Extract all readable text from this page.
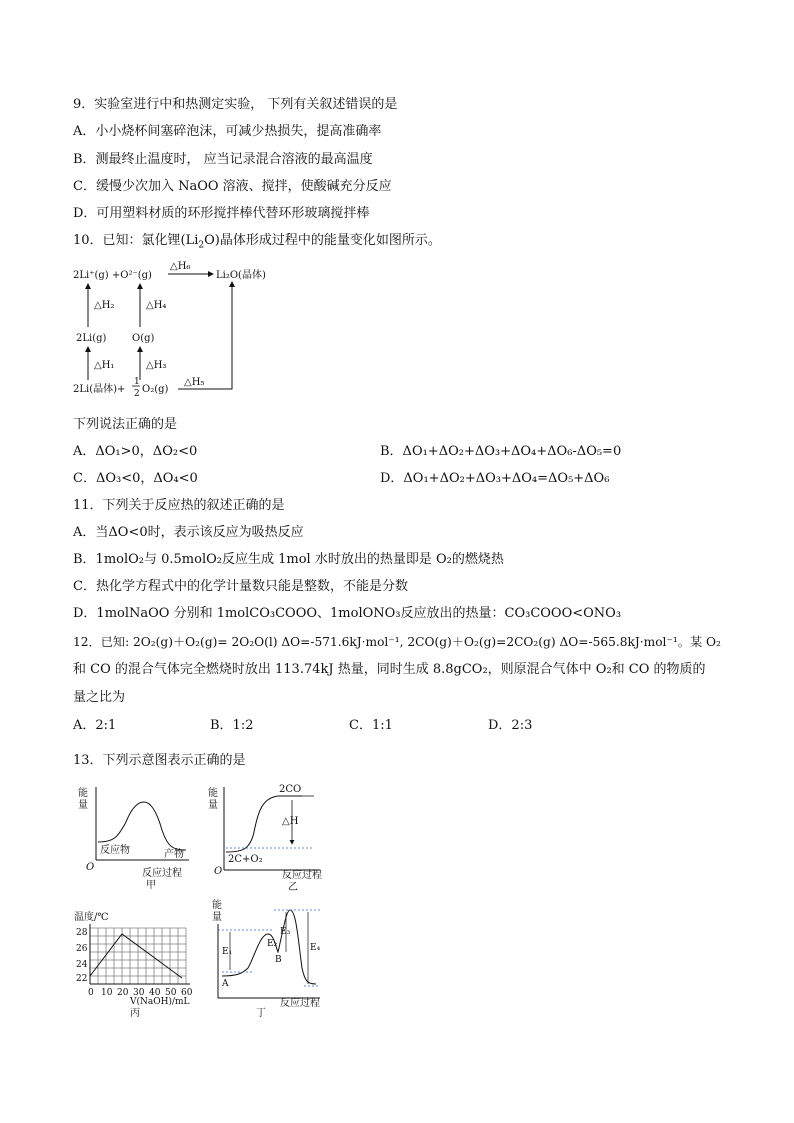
9．实验室进行中和热测定实验， 下列有关叙述错误的是
A．小小烧杯间塞碎泡沫，可减少热损失，提高准确率
B．测最终止温度时， 应当记录混合溶液的最高温度
C．缓慢少次加入 NaOO 溶液、搅拌，使酸碱充分反应
D．可用塑料材质的环形搅拌棒代替环形玻璃搅拌棒
10．已知：氯化锂$(Li_2O)$晶体形成过程中的能量变化如图所示。
2Li⁺(g) +O²⁻(g)
△H₆
Li₂O(晶体)
△H₂	△H₄
2Li(g)	O(g)
△H₁	△H₃
2Li(晶体)+
1
2 O₂(g)
△H₅
下列说法正确的是
A．ΔO₁>0，ΔO₂<0	B．ΔO₁+ΔO₂+ΔO₃+ΔO₄+ΔO₆-ΔO₅=0
C．ΔO₃<0，ΔO₄<0	D．ΔO₁+ΔO₂+ΔO₃+ΔO₄=ΔO₅+ΔO₆
11．下列关于反应热的叙述正确的是
A．当ΔO<0时，表示该反应为吸热反应
B．1molO₂与 0.5molO₂反应生成 1mol 水时放出的热量即是 O₂的燃烧热
C．热化学方程式中的化学计量数只能是整数，不能是分数
D．1molNaOO 分别和 1molCO₃COOO、1molONO₃反应放出的热量：CO₃COOO<ONO₃
12．已知: 2O₂(g)＋O₂(g)= 2O₂O(l) ΔO=-571.6kJ·mol⁻¹, 2CO(g)＋O₂(g)=2CO₂(g) ΔO=-565.8kJ·mol⁻¹。某 O₂
和 CO 的混合气体完全燃烧时放出 113.74kJ 热量，同时生成 8.8gCO₂，则原混合气体中 O₂和 CO 的物质的
量之比为
A．2:1	B．1:2	C．1:1	D．2:3
13．下列示意图表示正确的是
能
量
O
反应物	产物
反应过程
甲
能
量
O
2CO
△H
2C+O₂
反应过程
乙
温度/℃
28
26
24
22
0 10 20 30 40 50 60
V(NaOH)/mL
丙
能
量
E₁
E₂
E₃
E₄
A
B
反应过程
丁
